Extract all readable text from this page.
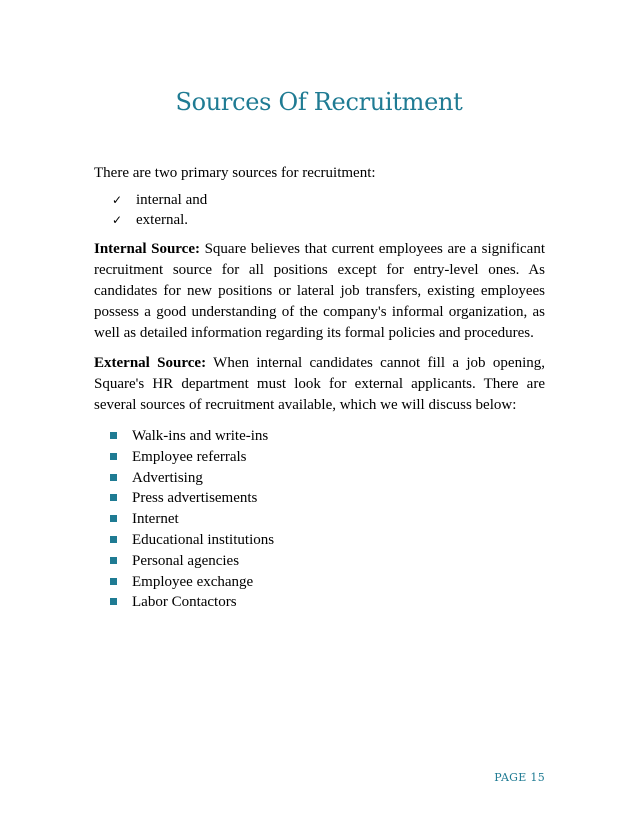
Sources Of Recruitment

There are two primary sources for recruitment:

✓ internal and
✓ external.

Internal Source: Square believes that current employees are a significant recruitment source for all positions except for entry-level ones. As candidates for new positions or lateral job transfers, existing employees possess a good understanding of the company's informal organization, as well as detailed information regarding its formal policies and procedures.

External Source: When internal candidates cannot fill a job opening, Square's HR department must look for external applicants. There are several sources of recruitment available, which we will discuss below:

Walk-ins and write-ins
Employee referrals
Advertising
Press advertisements
Internet
Educational institutions
Personal agencies
Employee exchange
Labor Contactors
PAGE 15
